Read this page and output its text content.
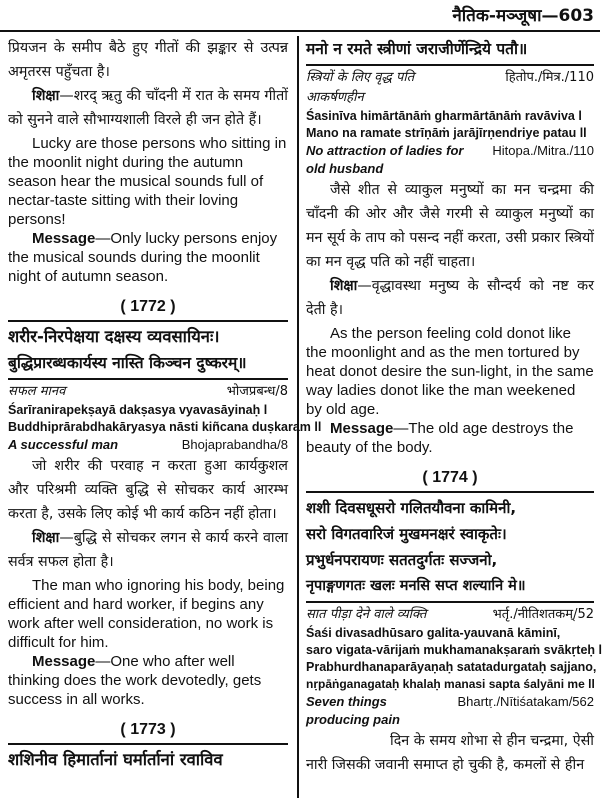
नैतिक-मञ्जूषा—603

प्रियजन के समीप बैठे हुए गीतों की झङ्कार से उत्पन्न अमृतरस पहुँचता है।

शिक्षा—शरद् ऋतु की चाँदनी में रात के समय गीतों को सुनने वाले सौभाग्यशाली विरले ही जन होते हैं।

Lucky are those persons who sitting in the moonlit night during the autumn season hear the musical sounds full of nectar-taste sitting with their loving persons!

Message—Only lucky persons enjoy the musical sounds during the moonlit night of autumn season.

( 1772 )

शरीर-निरपेक्षया दक्षस्य व्यवसायिनः।

बुद्धिप्रारब्धकार्यस्य नास्ति किञ्चन दुष्करम्॥

सफल मानव	भोजप्रबन्ध/8

Śarīranirapekṣayā dakṣasya vyavasāyinaḥ l

Buddhiprārabdhakāryasya nāsti kiñcana duṣkaram ll

A successful man	Bhojaprabandha/8

जो शरीर की परवाह न करता हुआ कार्यकुशल और परिश्रमी व्यक्ति बुद्धि से सोचकर कार्य आरम्भ करता है, उसके लिए कोई भी कार्य कठिन नहीं होता।

शिक्षा—बुद्धि से सोचकर लगन से कार्य करने वाला सर्वत्र सफल होता है।

The man who ignoring his body, being efficient and hard worker, if begins any work after well consideration, no work is difficult for him.

Message—One who after well thinking does the work devotedly, gets success in all works.

( 1773 )

शशिनीव हिमार्तानां घर्मार्तानां रवाविव

मनो न रमते स्त्रीणां जराजीर्णेन्द्रिये पतौ॥

स्त्रियों के लिए वृद्ध पति आकर्षणहीन
हितोप./मित्र./110

Śasinīva himārtānāṁ gharmārtānāṁ ravāviva l

Mano na ramate strīṇāṁ jarājīrṇendriye patau ll

No attraction of ladies for old husband
Hitopa./Mitra./110

जैसे शीत से व्याकुल मनुष्यों का मन चन्द्रमा की चाँदनी की ओर और जैसे गरमी से व्याकुल मनुष्यों का मन सूर्य के ताप को पसन्द नहीं करता, उसी प्रकार स्त्रियों का मन वृद्ध पति को नहीं चाहता।

शिक्षा—वृद्धावस्था मनुष्य के सौन्दर्य को नष्ट कर देती है।

As the person feeling cold donot like the moonlight and as the men tortured by heat donot desire the sun-light, in the same way ladies donot like the man weekened by old age.

Message—The old age destroys the beauty of the body.

( 1774 )

शशी दिवसधूसरो गलितयौवना कामिनी,

सरो विगतवारिजं मुखमनक्षरं स्वाकृतेः।

प्रभुर्धनपरायणः सततदुर्गतः सज्जनो,

नृपाङ्गणगतः खलः मनसि सप्त शल्यानि मे॥

सात पीड़ा देने वाले व्यक्ति	भर्तृ./नीतिशतकम्/52

Śaśi divasadhūsaro galita-yauvanā kāminī,

saro vigata-vārijaṁ mukhamanakṣaraṁ svākṛteḥ l

Prabhurdhanaparāyaṇaḥ satatadurgataḥ sajjano,

nṛpāṅganagataḥ khalaḥ manasi sapta śalyāni me ll

Seven things producing pain
Bhartṛ./Nītiśatakam/562

दिन के समय शोभा से हीन चन्द्रमा, ऐसी नारी जिसकी जवानी समाप्त हो चुकी है, कमलों से हीन
